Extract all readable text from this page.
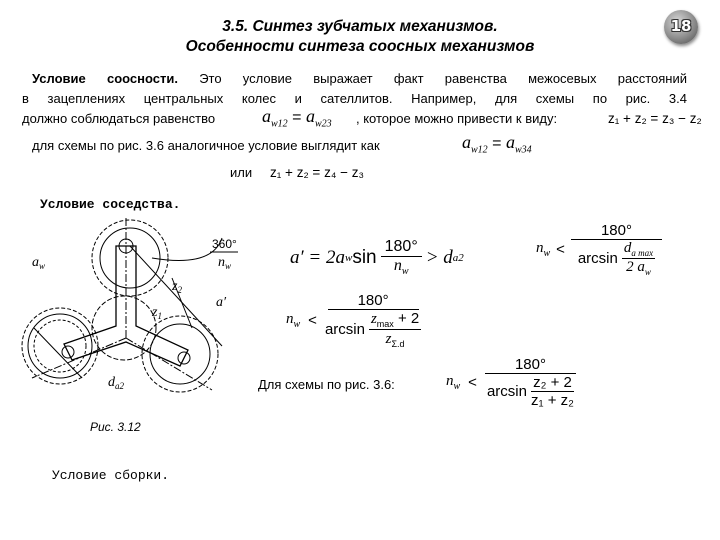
3.5. Синтез зубчатых механизмов.
Особенности синтеза соосных механизмов
18
Условие соосности. Это условие выражает факт равенства межосевых расстояний
в зацеплениях центральных колес и сателлитов. Например, для схемы по рис. 3.4
должно соблюдаться равенство	$a_{w12} = a_{w23}$ , которое можно привести к виду:	z₁ + z₂ = z₃ − z₂
для схемы по рис. 3.6 аналогичное условие выглядит как	$a_{w12} = a_{w34}$
или z₁ + z₂ = z₄ − z₃
Условие соседства.
$a_w$
$z_2$
$z_1$
a′
$d_{a2}$
360°
$n_w$
Рис. 3.12
a′ = 2a w sin
180°
$n_w$
> d a2
$n_w$ <
180°
arcsin
$d_{a max}$
2 $a_w$
$n_w$ <
180°
arcsin
$z_{max} + 2$
$z_{\Sigma.d}$
Для схемы по рис. 3.6:	$n_w$ <
180°
$\arcsin \frac{\text{z₂ + 2}}{\text{z₁ + z₂}}$
Условие сборки.
